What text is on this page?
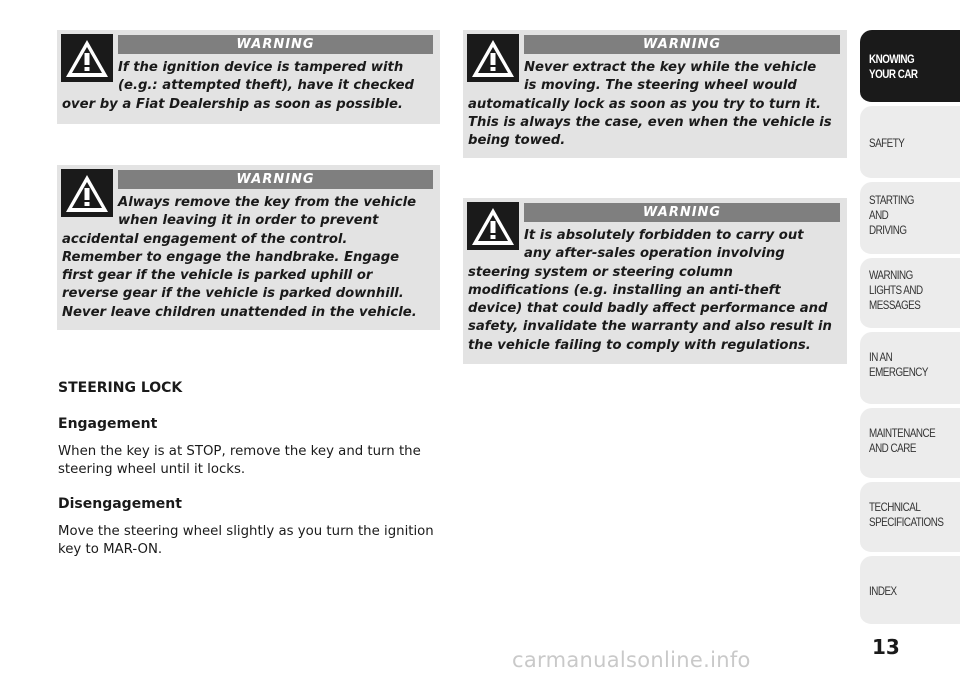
WARNING
If the ignition device is tampered with
(e.g.: attempted theft), have it checked
over by a Fiat Dealership as soon as possible.
WARNING
Always remove the key from the vehicle
when leaving it in order to prevent
accidental engagement of the control.
Remember to engage the handbrake. Engage
first gear if the vehicle is parked uphill or
reverse gear if the vehicle is parked downhill.
Never leave children unattended in the vehicle.
WARNING
Never extract the key while the vehicle
is moving. The steering wheel would
automatically lock as soon as you try to turn it.
This is always the case, even when the vehicle is
being towed.
WARNING
It is absolutely forbidden to carry out
any after-sales operation involving
steering system or steering column
modifications (e.g. installing an anti-theft
device) that could badly affect performance and
safety, invalidate the warranty and also result in
the vehicle failing to comply with regulations.
STEERING LOCK
Engagement
When the key is at STOP, remove the key and turn the
steering wheel until it locks.
Disengagement
Move the steering wheel slightly as you turn the ignition
key to MAR-ON.
KNOWING
YOUR CAR
SAFETY
STARTING
AND
DRIVING
WARNING
LIGHTS AND
MESSAGES
IN AN
EMERGENCY
MAINTENANCE
AND CARE
TECHNICAL
SPECIFICATIONS
INDEX
13
carmanualsonline.info
